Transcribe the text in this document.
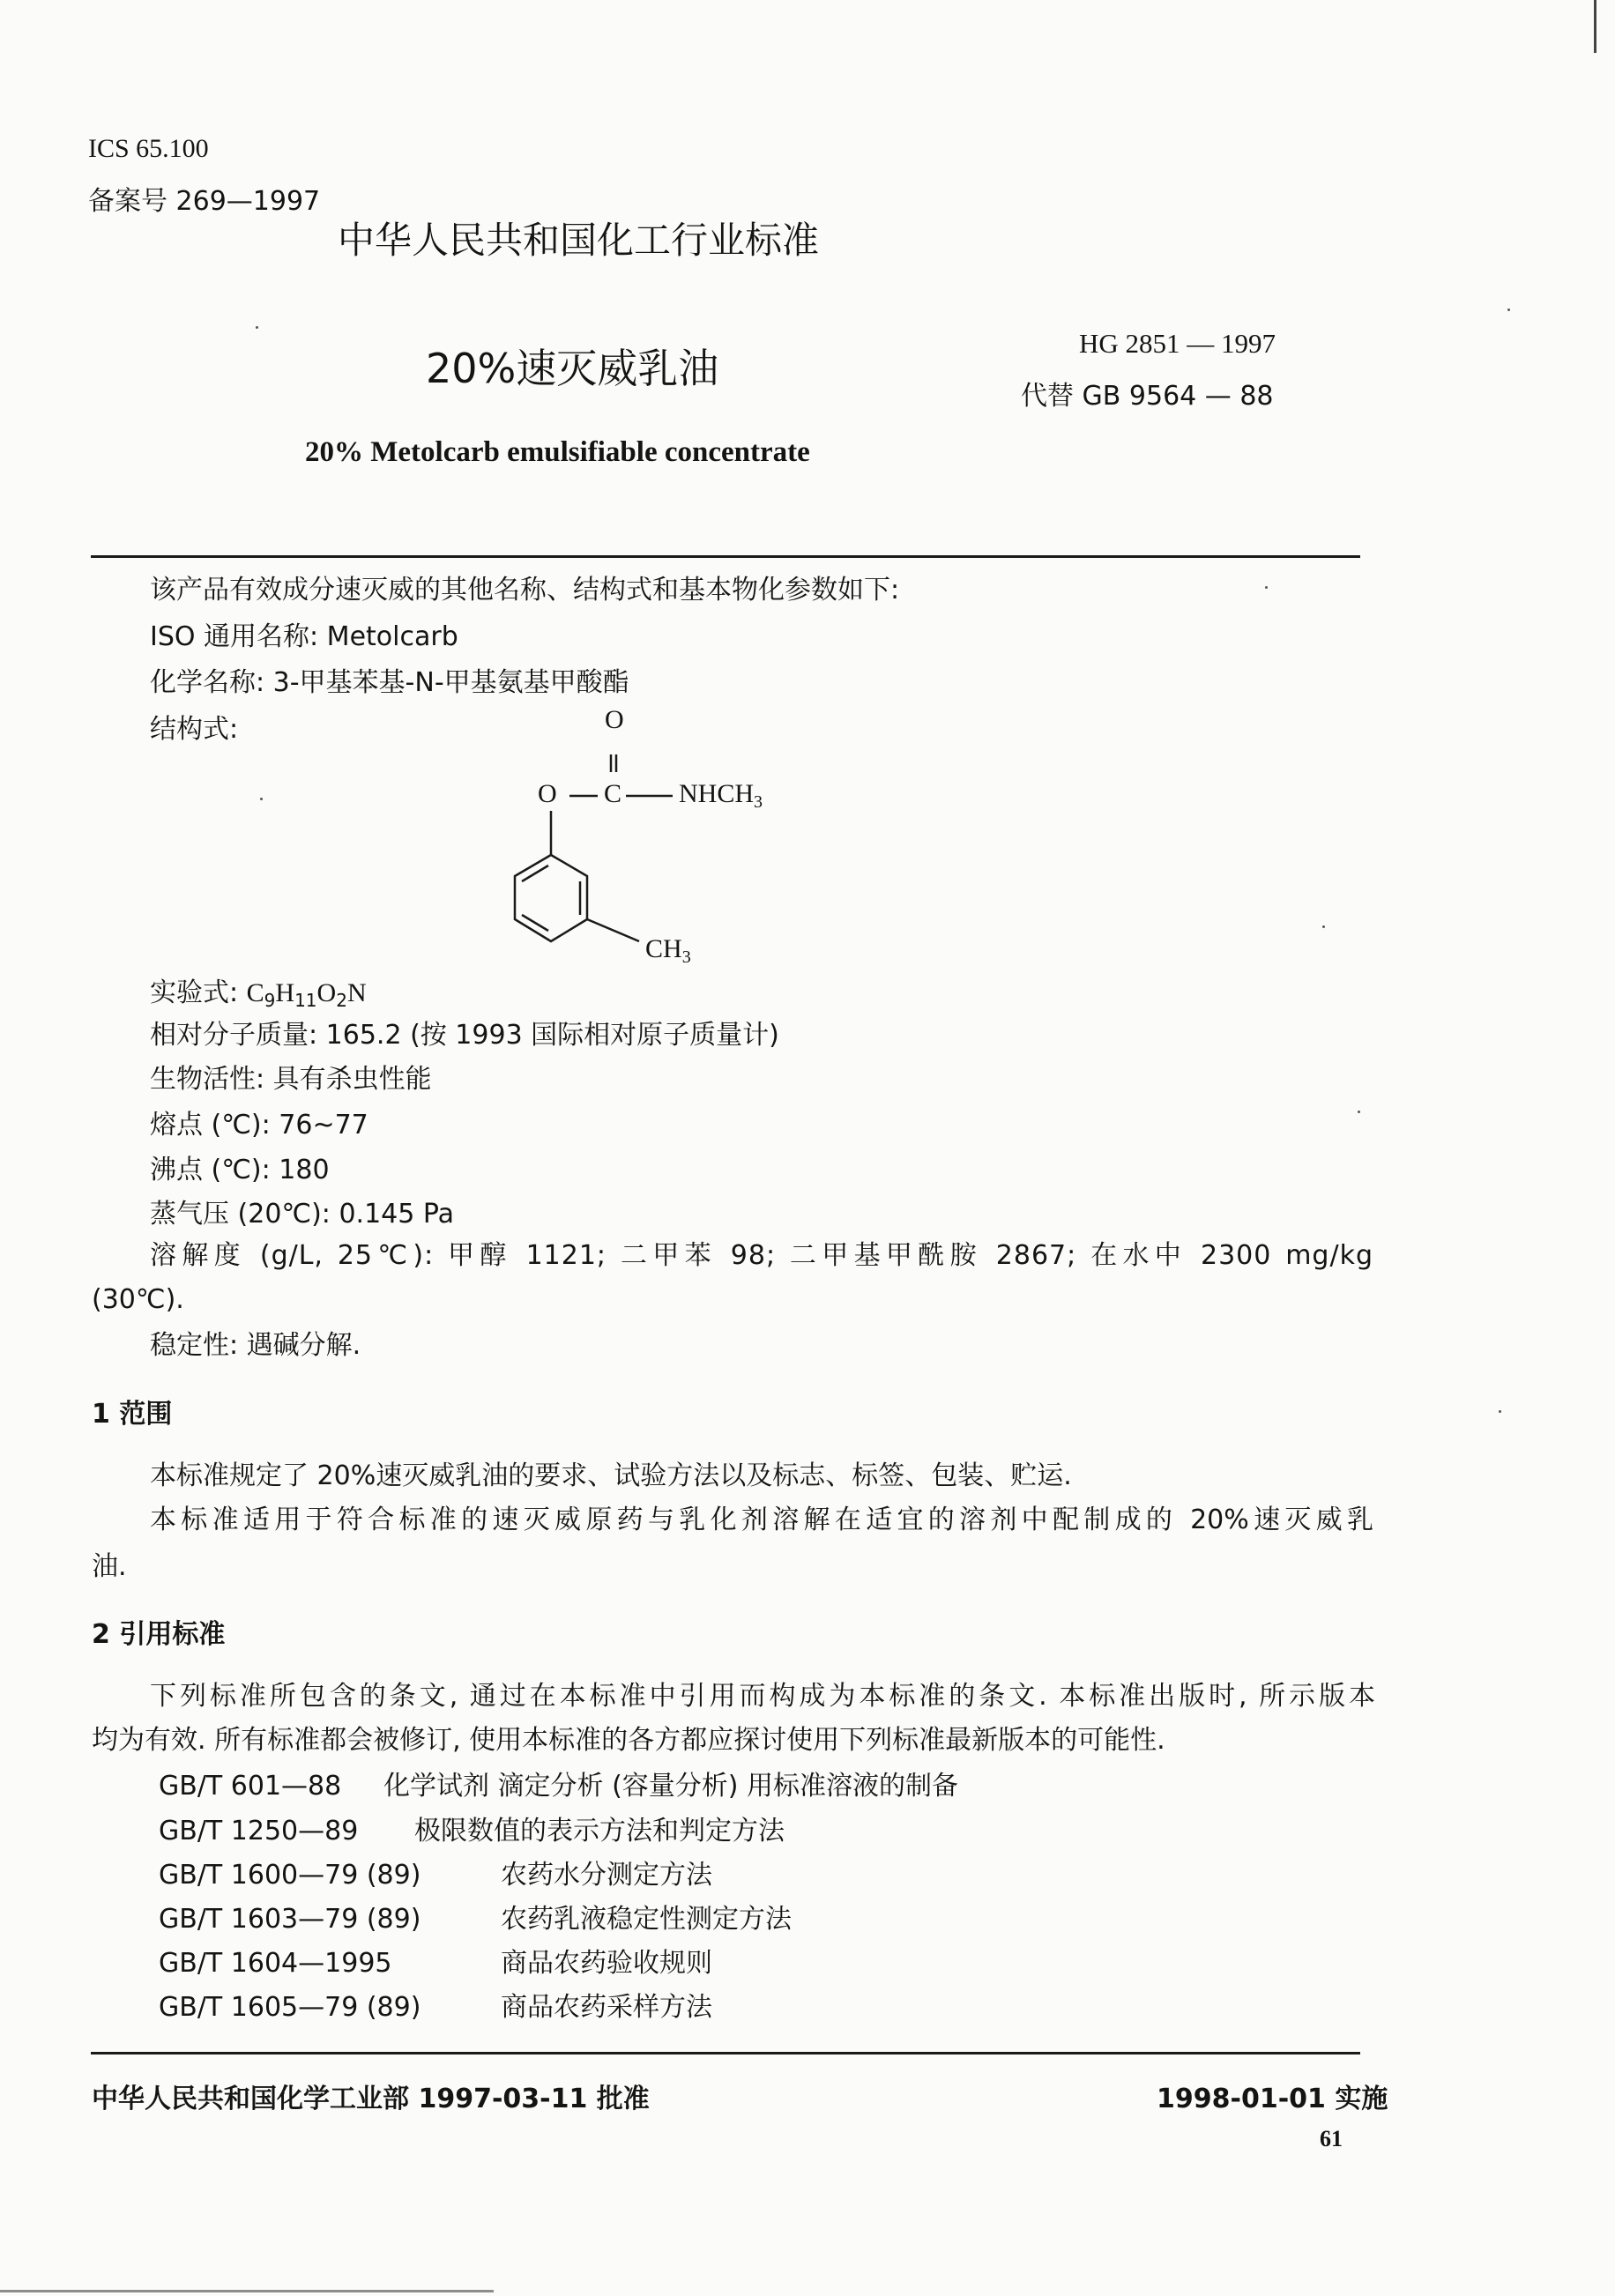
ICS 65.100
备案号 269—1997
中华人民共和国化工行业标准
20%速灭威乳油
HG 2851 — 1997
代替 GB 9564 — 88
20% Metolcarb emulsifiable concentrate
该产品有效成分速灭威的其他名称、结构式和基本物化参数如下:
ISO 通用名称: Metolcarb
化学名称: 3-甲基苯基-N-甲基氨基甲酸酯
结构式:	O
O C $NHCH_3$
$CH_3$
实验式: $C_9H_{11}O_2N$
相对分子质量: 165.2 (按 1993 国际相对原子质量计)
生物活性: 具有杀虫性能
熔点 (℃): 76~77
沸点 (℃): 180
蒸气压 (20℃): 0.145 Pa
溶解度 (g/L, 25℃): 甲醇 1121; 二甲苯 98; 二甲基甲酰胺 2867; 在水中 2300 mg/kg
(30℃).
稳定性: 遇碱分解.
1 范围
本标准规定了 20%速灭威乳油的要求、试验方法以及标志、标签、包装、贮运.
本标准适用于符合标准的速灭威原药与乳化剂溶解在适宜的溶剂中配制成的 20%速灭威乳
油.
2 引用标准
下列标准所包含的条文, 通过在本标准中引用而构成为本标准的条文. 本标准出版时, 所示版本
均为有效. 所有标准都会被修订, 使用本标准的各方都应探讨使用下列标准最新版本的可能性.
GB/T 601—88 化学试剂 滴定分析 (容量分析) 用标准溶液的制备
GB/T 1250—89 极限数值的表示方法和判定方法
GB/T 1600—79 (89)	农药水分测定方法
GB/T 1603—79 (89)	农药乳液稳定性测定方法
GB/T 1604—1995	商品农药验收规则
GB/T 1605—79 (89)	商品农药采样方法
中华人民共和国化学工业部 1997-03-11 批准	1998-01-01 实施
61
